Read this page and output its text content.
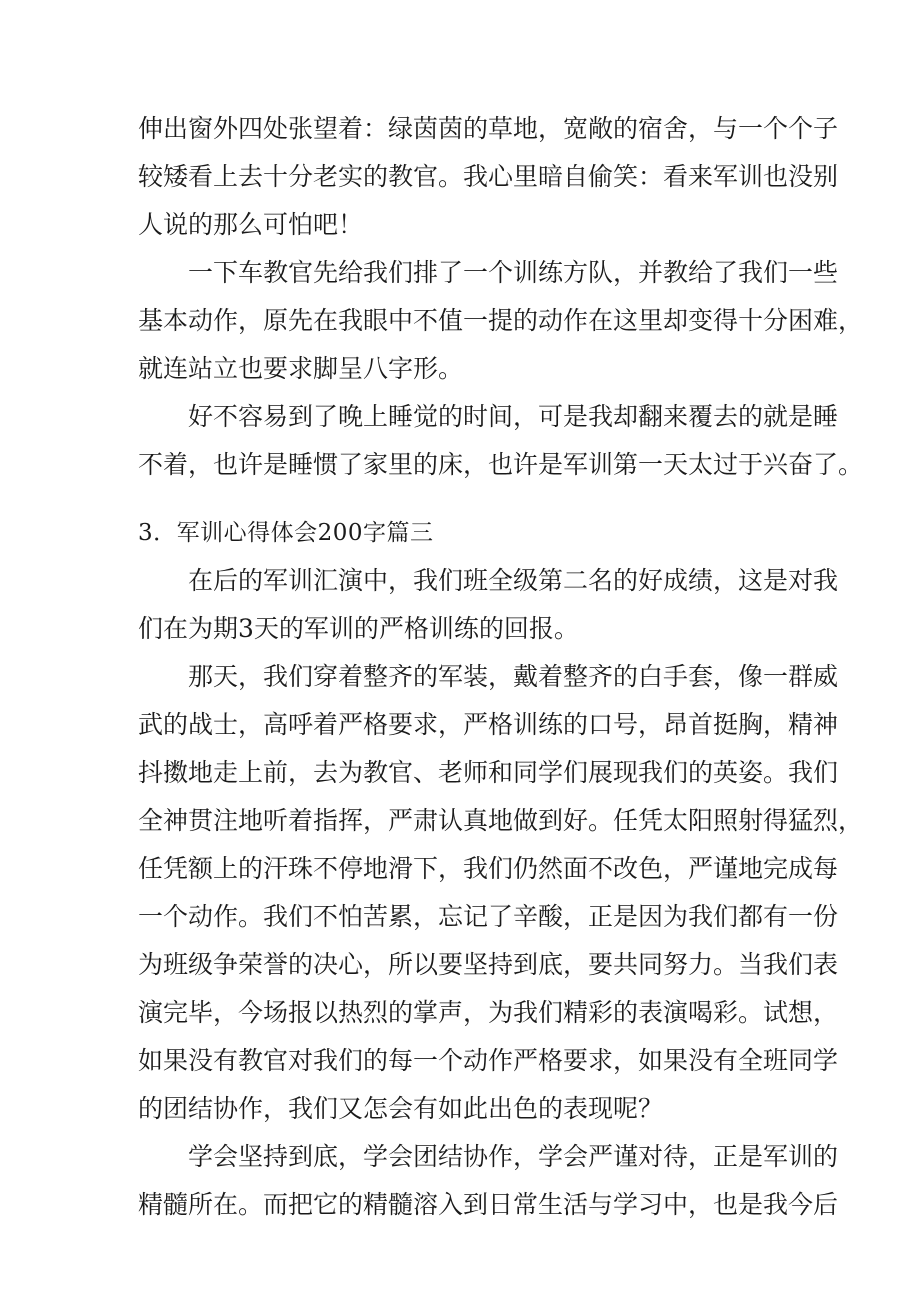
伸出窗外四处张望着：绿茵茵的草地，宽敞的宿舍，与一个个子
较矮看上去十分老实的教官。我心里暗自偷笑：看来军训也没别
人说的那么可怕吧！
一下车教官先给我们排了一个训练方队，并教给了我们一些
基本动作，原先在我眼中不值一提的动作在这里却变得十分困难，
就连站立也要求脚呈八字形。
好不容易到了晚上睡觉的时间，可是我却翻来覆去的就是睡
不着，也许是睡惯了家里的床，也许是军训第一天太过于兴奋了。
3．军训心得体会200字篇三
在后的军训汇演中，我们班全级第二名的好成绩，这是对我
们在为期3天的军训的严格训练的回报。
那天，我们穿着整齐的军装，戴着整齐的白手套，像一群威
武的战士，高呼着严格要求，严格训练的口号，昂首挺胸，精神
抖擞地走上前，去为教官、老师和同学们展现我们的英姿。我们
全神贯注地听着指挥，严肃认真地做到好。任凭太阳照射得猛烈，
任凭额上的汗珠不停地滑下，我们仍然面不改色，严谨地完成每
一个动作。我们不怕苦累，忘记了辛酸，正是因为我们都有一份
为班级争荣誉的决心，所以要坚持到底，要共同努力。当我们表
演完毕，今场报以热烈的掌声，为我们精彩的表演喝彩。试想，
如果没有教官对我们的每一个动作严格要求，如果没有全班同学
的团结协作，我们又怎会有如此出色的表现呢？
学会坚持到底，学会团结协作，学会严谨对待，正是军训的
精髓所在。而把它的精髓溶入到日常生活与学习中，也是我今后
